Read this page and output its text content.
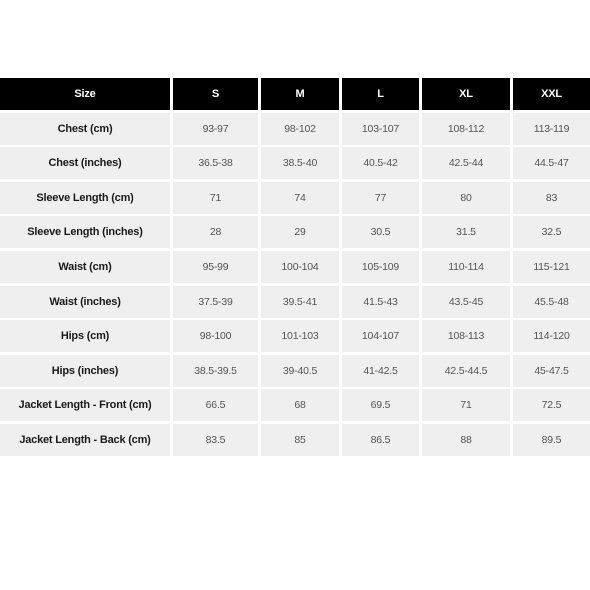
Size	S	M	L	XL	XXL
Chest (cm)	93-97	98-102	103-107	108-112	113-119
Chest (inches)	36.5-38	38.5-40	40.5-42	42.5-44	44.5-47
Sleeve Length (cm)	71	74	77	80	83
Sleeve Length (inches)	28	29	30.5	31.5	32.5
Waist (cm)	95-99	100-104	105-109	110-114	115-121
Waist (inches)	37.5-39	39.5-41	41.5-43	43.5-45	45.5-48
Hips (cm)	98-100	101-103	104-107	108-113	114-120
Hips (inches)	38.5-39.5	39-40.5	41-42.5	42.5-44.5	45-47.5
Jacket Length - Front (cm)	66.5	68	69.5	71	72.5
Jacket Length - Back (cm)	83.5	85	86.5	88	89.5
